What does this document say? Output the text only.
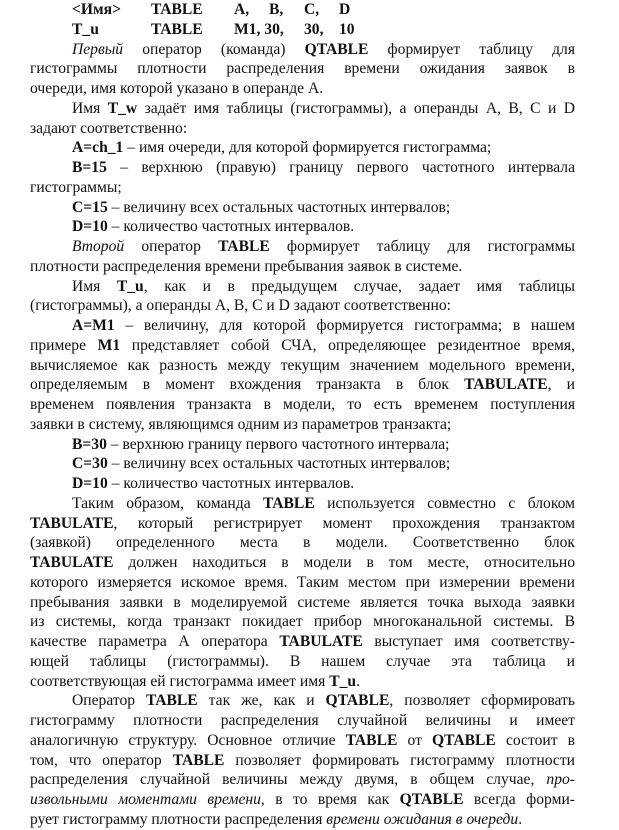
<Имя> TABLE A, B, C, D
T_u	TABLE M1, 30, 30, 10
Первый оператор (команда) QTABLE формирует таблицу для
гистограммы плотности распределения времени ожидания заявок в
очереди, имя которой указано в операнде А.
Имя T_w задаёт имя таблицы (гистограммы), а операнды A, B, C и D
задают соответственно:
A=ch_1 – имя очереди, для которой формируется гистограмма;
B=15 – верхнюю (правую) границу первого частотного интервала
гистограммы;
C=15 – величину всех остальных частотных интервалов;
D=10 – количество частотных интервалов.
Второй оператор TABLE формирует таблицу для гистограммы
плотности распределения времени пребывания заявок в системе.
Имя T_u, как и в предыдущем случае, задает имя таблицы
(гистограммы), а операнды A, B, C и D задают соответственно:
A=M1 – величину, для которой формируется гистограмма; в нашем
примере M1 представляет собой СЧА, определяющее резидентное время,
вычисляемое как разность между текущим значением модельного времени,
определяемым в момент вхождения транзакта в блок TABULATE, и
временем появления транзакта в модели, то есть временем поступления
заявки в систему, являющимся одним из параметров транзакта;
B=30 – верхнюю границу первого частотного интервала;
C=30 – величину всех остальных частотных интервалов;
D=10 – количество частотных интервалов.
Таким образом, команда TABLE используется совместно с блоком
TABULATE, который регистрирует момент прохождения транзактом
(заявкой) определенного места в модели. Соответственно блок
TABULATE должен находиться в модели в том месте, относительно
которого измеряется искомое время. Таким местом при измерении времени
пребывания заявки в моделируемой системе является точка выхода заявки
из системы, когда транзакт покидает прибор многоканальной системы. В
качестве параметра А оператора TABULATE выступает имя соответству-
ющей таблицы (гистограммы). В нашем случае эта таблица и
соответствующая ей гистограмма имеет имя T_u.
Оператор TABLE так же, как и QTABLE, позволяет сформировать
гистограмму плотности распределения случайной величины и имеет
аналогичную структуру. Основное отличие TABLE от QTABLE состоит в
том, что оператор TABLE позволяет формировать гистограмму плотности
распределения случайной величины между двумя, в общем случае, про-
извольными моментами времени, в то время как QTABLE всегда форми-
рует гистограмму плотности распределения времени ожидания в очереди.
